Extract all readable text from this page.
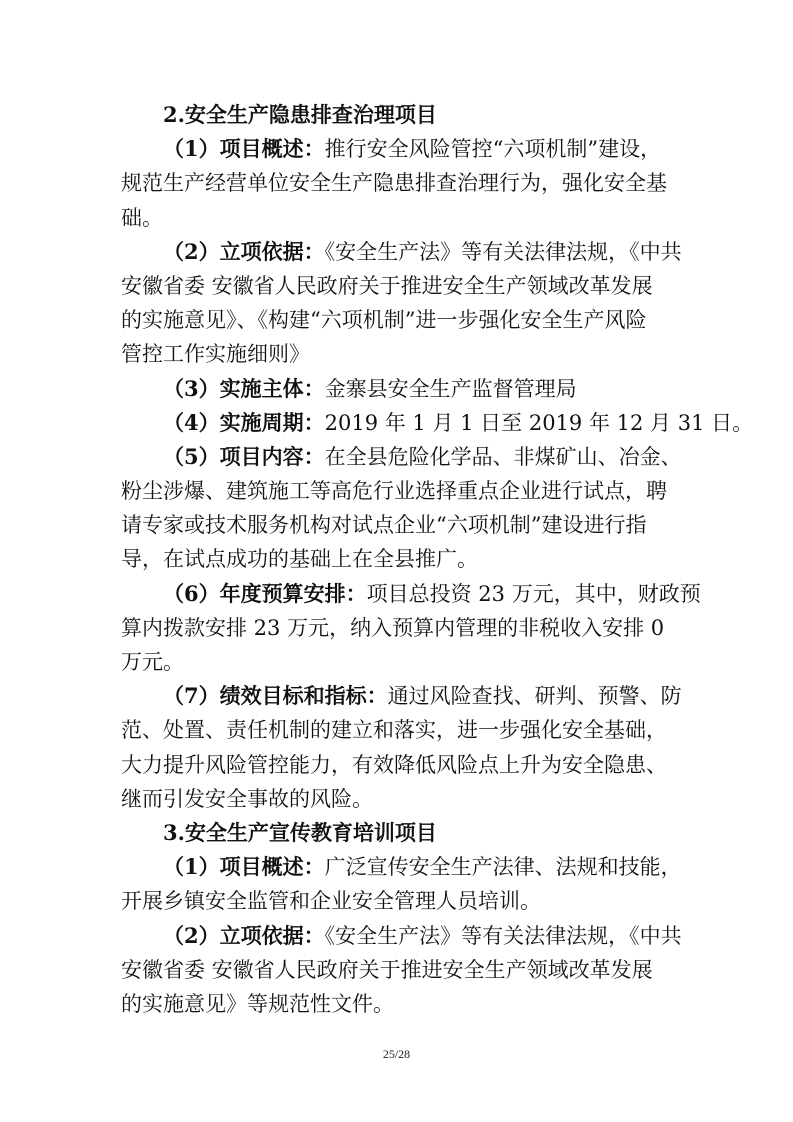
2.安全生产隐患排查治理项目
（1）项目概述：推行安全风险管控“六项机制”建设，
规范生产经营单位安全生产隐患排查治理行为，强化安全基
础。
（2）立项依据：《安全生产法》等有关法律法规，《中共
安徽省委 安徽省人民政府关于推进安全生产领域改革发展
的实施意见》、《构建“六项机制”进一步强化安全生产风险
管控工作实施细则》
（3）实施主体：金寨县安全生产监督管理局
（4）实施周期：2019 年 1 月 1 日至 2019 年 12 月 31 日。
（5）项目内容：在全县危险化学品、非煤矿山、冶金、
粉尘涉爆、建筑施工等高危行业选择重点企业进行试点，聘
请专家或技术服务机构对试点企业“六项机制”建设进行指
导，在试点成功的基础上在全县推广。
（6）年度预算安排：项目总投资 23 万元，其中，财政预
算内拨款安排 23 万元，纳入预算内管理的非税收入安排 0
万元。
（7）绩效目标和指标：通过风险查找、研判、预警、防
范、处置、责任机制的建立和落实，进一步强化安全基础，
大力提升风险管控能力，有效降低风险点上升为安全隐患、
继而引发安全事故的风险。
3.安全生产宣传教育培训项目
（1）项目概述：广泛宣传安全生产法律、法规和技能，
开展乡镇安全监管和企业安全管理人员培训。
（2）立项依据：《安全生产法》等有关法律法规，《中共
安徽省委 安徽省人民政府关于推进安全生产领域改革发展
的实施意见》等规范性文件。
25/28
